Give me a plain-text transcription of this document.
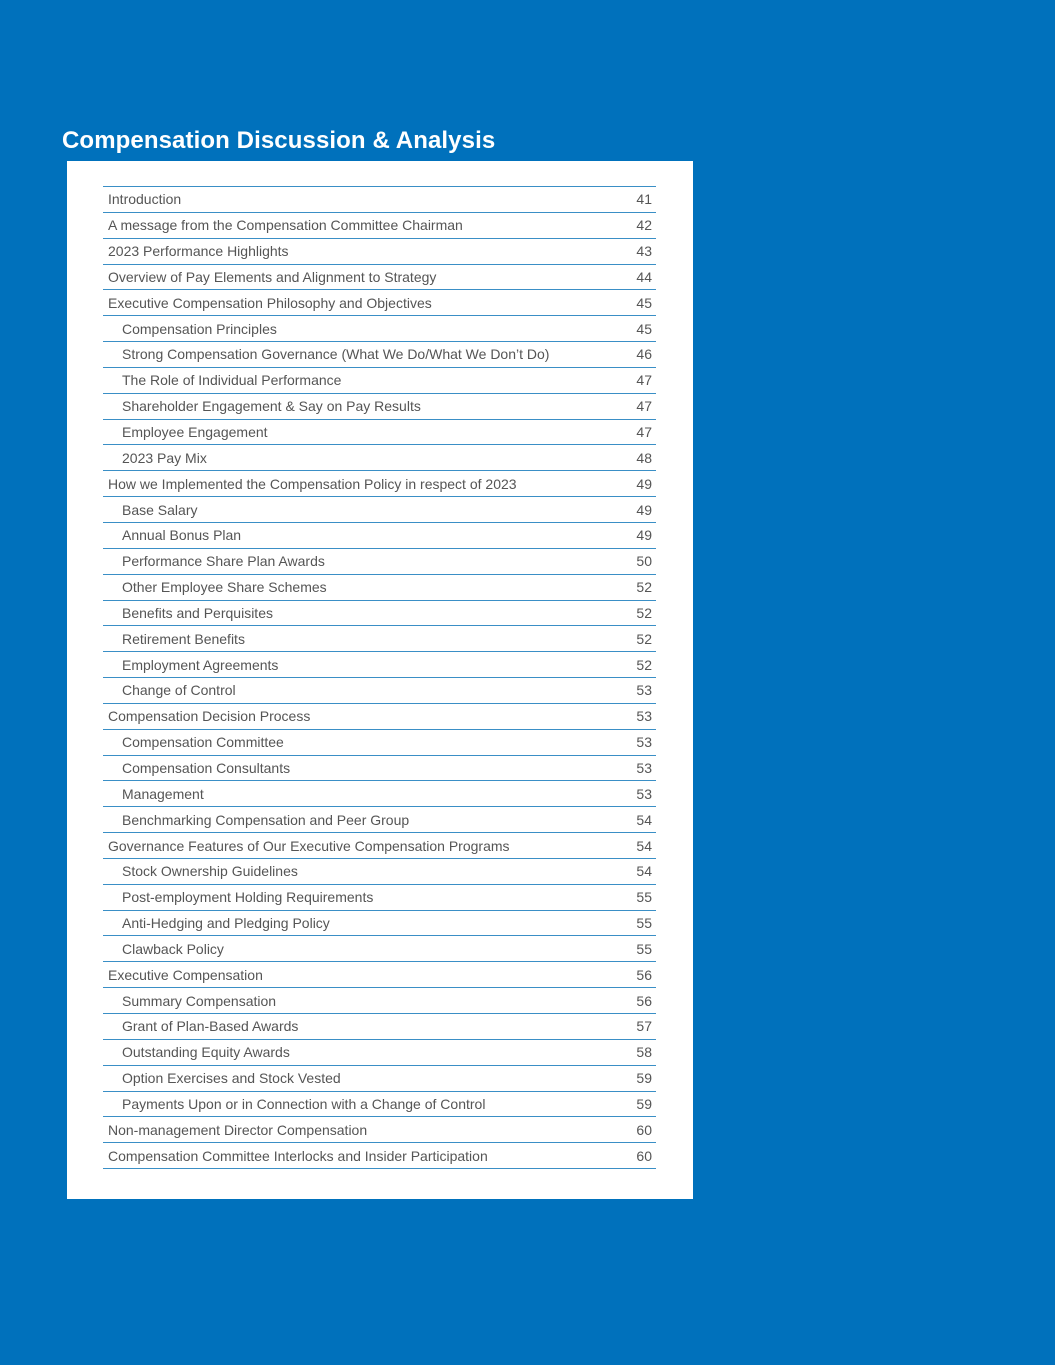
Compensation Discussion & Analysis
Introduction	41
A message from the Compensation Committee Chairman	42
2023 Performance Highlights	43
Overview of Pay Elements and Alignment to Strategy	44
Executive Compensation Philosophy and Objectives	45
Compensation Principles	45
Strong Compensation Governance (What We Do/What We Don’t Do)	46
The Role of Individual Performance	47
Shareholder Engagement & Say on Pay Results	47
Employee Engagement	47
2023 Pay Mix	48
How we Implemented the Compensation Policy in respect of 2023	49
Base Salary	49
Annual Bonus Plan	49
Performance Share Plan Awards	50
Other Employee Share Schemes	52
Benefits and Perquisites	52
Retirement Benefits	52
Employment Agreements	52
Change of Control	53
Compensation Decision Process	53
Compensation Committee	53
Compensation Consultants	53
Management	53
Benchmarking Compensation and Peer Group	54
Governance Features of Our Executive Compensation Programs	54
Stock Ownership Guidelines	54
Post-employment Holding Requirements	55
Anti-Hedging and Pledging Policy	55
Clawback Policy	55
Executive Compensation	56
Summary Compensation	56
Grant of Plan-Based Awards	57
Outstanding Equity Awards	58
Option Exercises and Stock Vested	59
Payments Upon or in Connection with a Change of Control	59
Non-management Director Compensation	60
Compensation Committee Interlocks and Insider Participation	60
